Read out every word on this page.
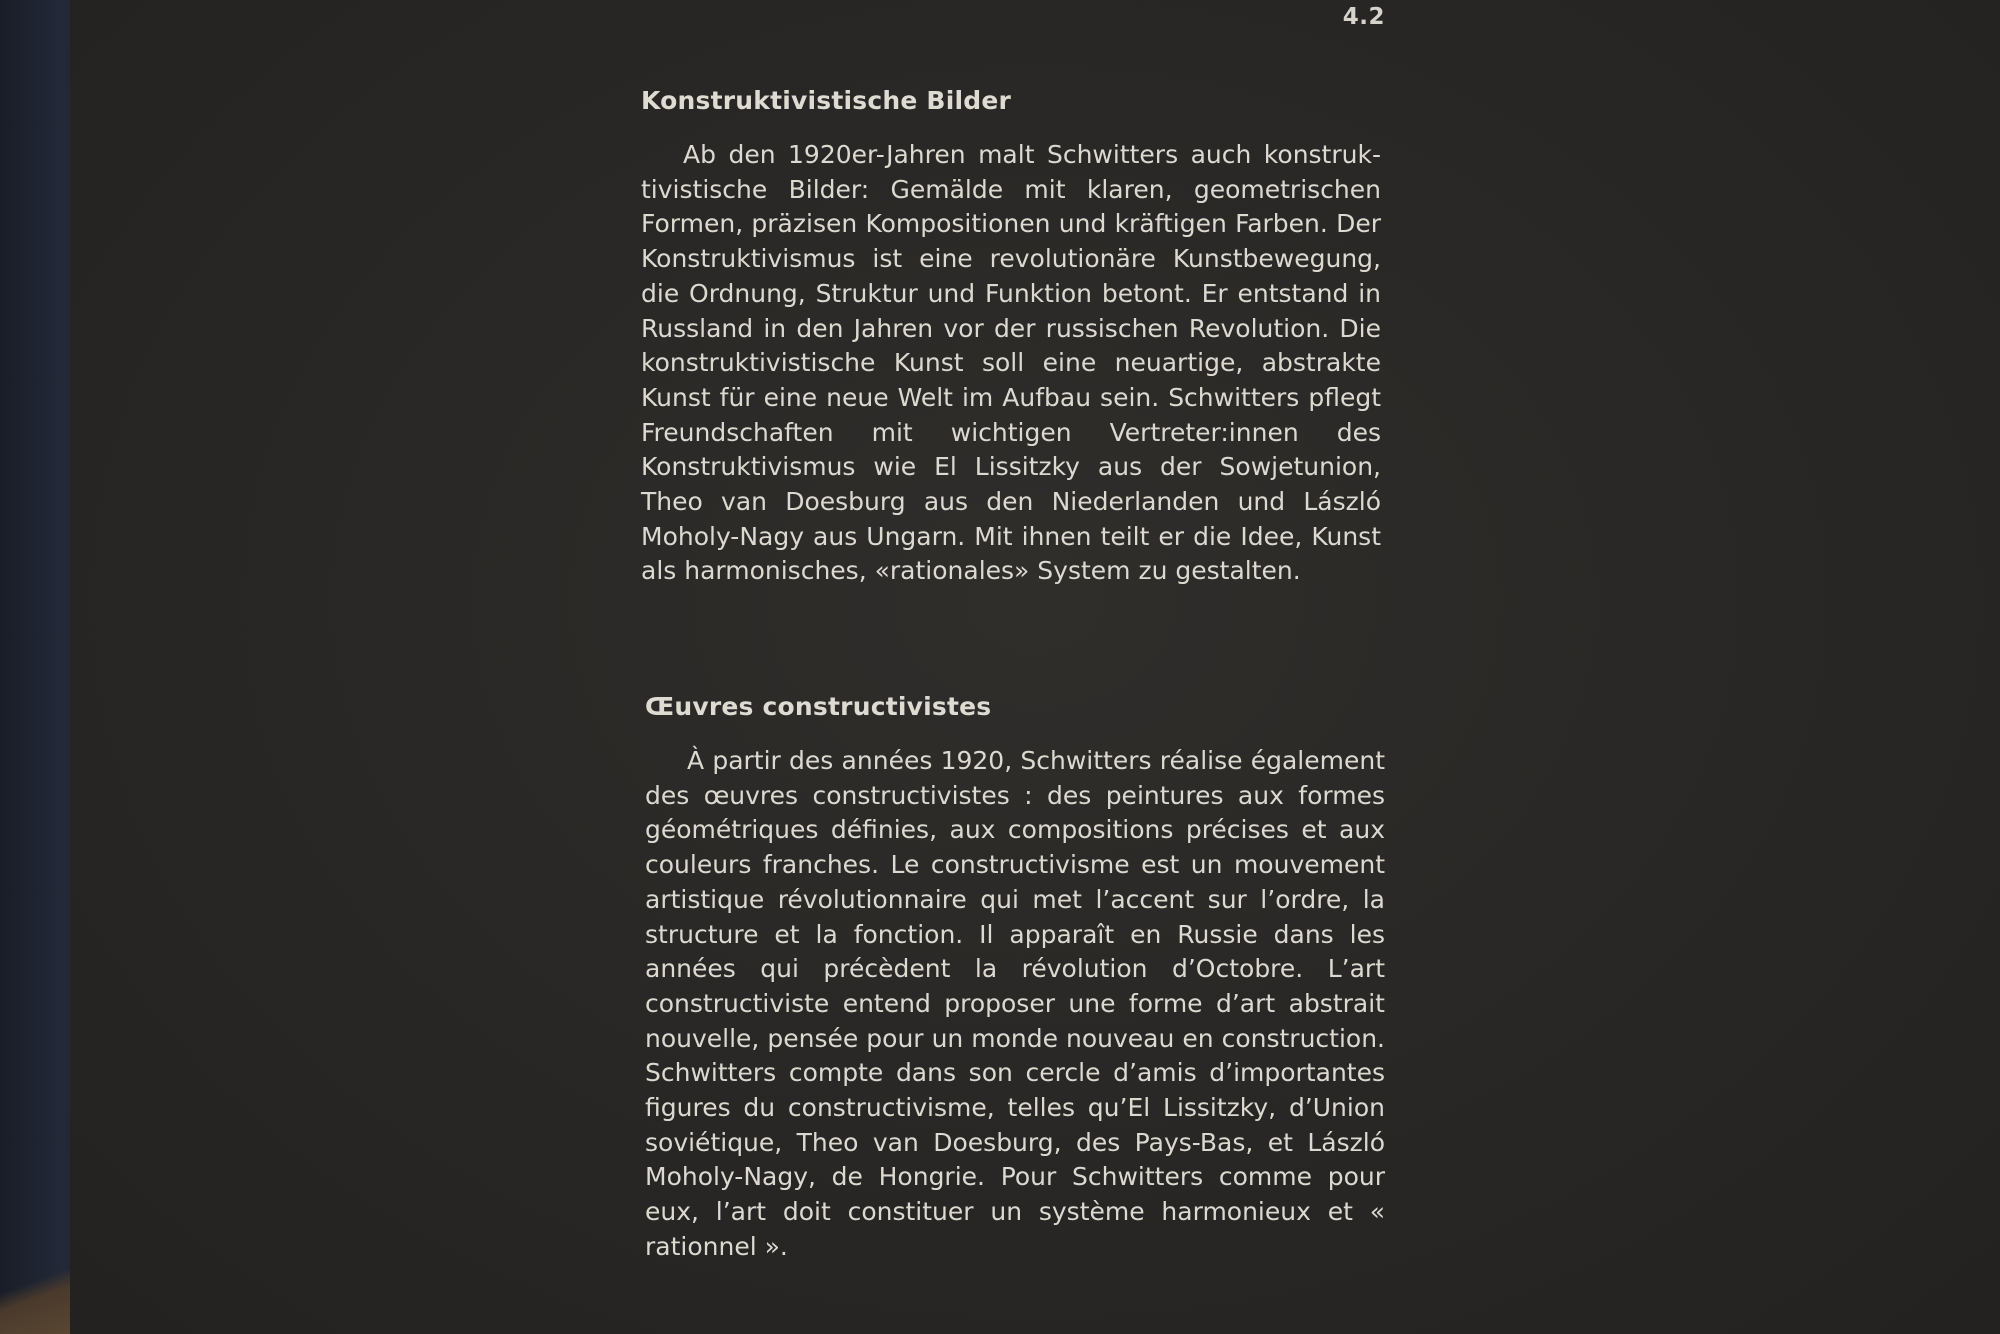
4.2
Konstruktivistische Bilder

Ab den 1920er-Jahren malt Schwitters auch konstruktivistische Bilder: Gemälde mit klaren, geometrischen Formen, präzisen Kompositionen und kräftigen Farben. Der Konstruktivismus ist eine revolutionäre Kunstbewegung, die Ordnung, Struktur und Funktion betont. Er entstand in Russland in den Jahren vor der russischen Revolution. Die konstruktivistische Kunst soll eine neuartige, abstrakte Kunst für eine neue Welt im Aufbau sein. Schwitters pflegt Freundschaften mit wichtigen Vertreter:innen des Konstruktivismus wie El Lissitzky aus der Sowjetunion, Theo van Doesburg aus den Niederlanden und László Moholy-Nagy aus Ungarn. Mit ihnen teilt er die Idee, Kunst als harmonisches, «rationales» System zu gestalten.

Œuvres constructivistes

À partir des années 1920, Schwitters réalise également des œuvres constructivistes : des peintures aux formes géométriques définies, aux compositions précises et aux couleurs franches. Le constructivisme est un mouvement artistique révolutionnaire qui met l’accent sur l’ordre, la structure et la fonction. Il apparaît en Russie dans les années qui précèdent la révolution d’Octobre. L’art constructiviste entend proposer une forme d’art abstrait nouvelle, pensée pour un monde nouveau en construction. Schwitters compte dans son cercle d’amis d’importantes figures du constructivisme, telles qu’El Lissitzky, d’Union soviétique, Theo van Doesburg, des Pays-Bas, et László Moholy-Nagy, de Hongrie. Pour Schwitters comme pour eux, l’art doit constituer un système harmonieux et « rationnel ».
